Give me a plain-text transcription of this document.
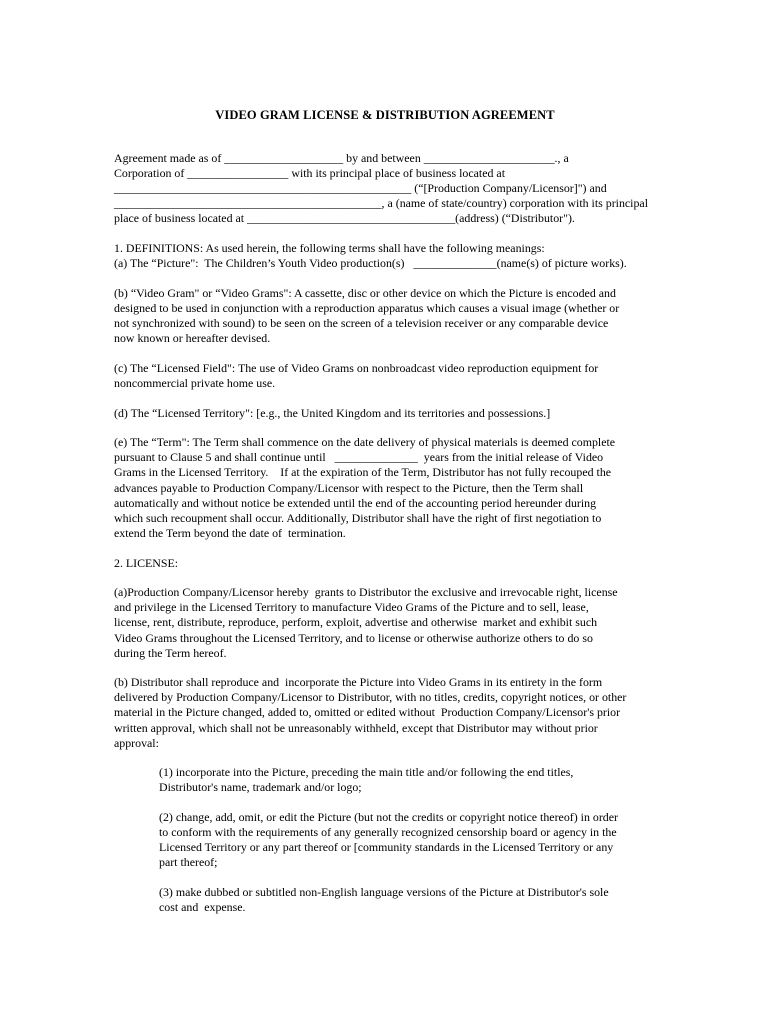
VIDEO GRAM LICENSE & DISTRIBUTION AGREEMENT
Agreement made as of ____________________ by and between ______________________., a
Corporation of _________________ with its principal place of business located at
__________________________________________________ (“[Production Company/Licensor]") and
_____________________________________________, a (name of state/country) corporation with its principal
place of business located at ___________________________________(address) (“Distributor").
1. DEFINITIONS: As used herein, the following terms shall have the following meanings:
(a) The “Picture":  The Children’s Youth Video production(s)   ______________(name(s) of picture works).
(b) “Video Gram" or “Video Grams": A cassette, disc or other device on which the Picture is encoded and
designed to be used in conjunction with a reproduction apparatus which causes a visual image (whether or
not synchronized with sound) to be seen on the screen of a television receiver or any comparable device
now known or hereafter devised.
(c) The “Licensed Field": The use of Video Grams on nonbroadcast video reproduction equipment for
noncommercial private home use.
(d) The “Licensed Territory": [e.g., the United Kingdom and its territories and possessions.]
(e) The “Term": The Term shall commence on the date delivery of physical materials is deemed complete
pursuant to Clause 5 and shall continue until   ______________  years from the initial release of Video
Grams in the Licensed Territory.    If at the expiration of the Term, Distributor has not fully recouped the
advances payable to Production Company/Licensor with respect to the Picture, then the Term shall
automatically and without notice be extended until the end of the accounting period hereunder during
which such recoupment shall occur. Additionally, Distributor shall have the right of first negotiation to
extend the Term beyond the date of  termination.
2. LICENSE:
(a)Production Company/Licensor hereby  grants to Distributor the exclusive and irrevocable right, license
and privilege in the Licensed Territory to manufacture Video Grams of the Picture and to sell, lease,
license, rent, distribute, reproduce, perform, exploit, advertise and otherwise  market and exhibit such
Video Grams throughout the Licensed Territory, and to license or otherwise authorize others to do so
during the Term hereof.
(b) Distributor shall reproduce and  incorporate the Picture into Video Grams in its entirety in the form
delivered by Production Company/Licensor to Distributor, with no titles, credits, copyright notices, or other
material in the Picture changed, added to, omitted or edited without  Production Company/Licensor's prior
written approval, which shall not be unreasonably withheld, except that Distributor may without prior
approval:
(1) incorporate into the Picture, preceding the main title and/or following the end titles,
Distributor's name, trademark and/or logo;
(2) change, add, omit, or edit the Picture (but not the credits or copyright notice thereof) in order
to conform with the requirements of any generally recognized censorship board or agency in the
Licensed Territory or any part thereof or [community standards in the Licensed Territory or any
part thereof;
(3) make dubbed or subtitled non-English language versions of the Picture at Distributor's sole
cost and  expense.
